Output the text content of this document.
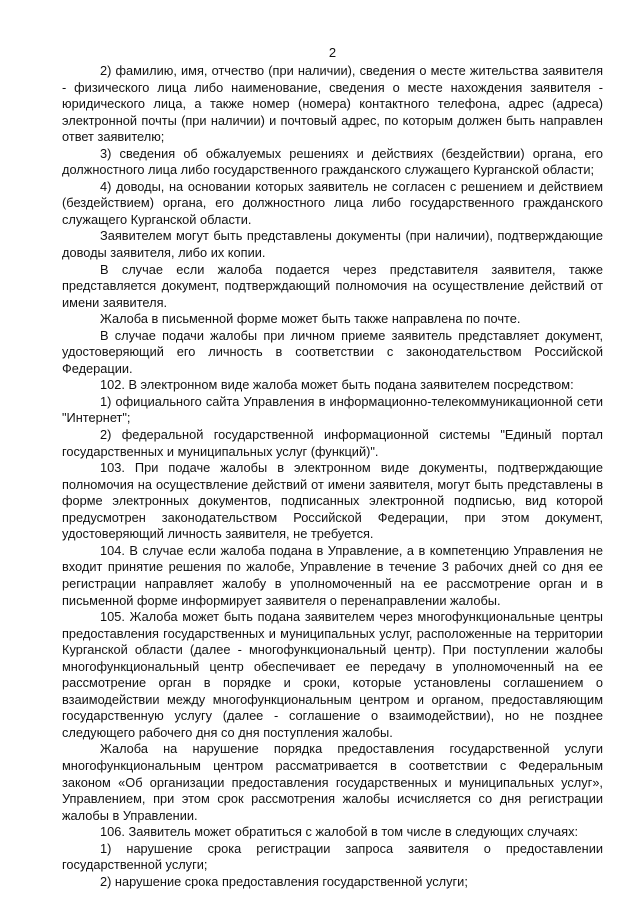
2

2) фамилию, имя, отчество (при наличии), сведения о месте жительства заявителя - физического лица либо наименование, сведения о месте нахождения заявителя - юридического лица, а также номер (номера) контактного телефона, адрес (адреса) электронной почты (при наличии) и почтовый адрес, по которым должен быть направлен ответ заявителю;

3) сведения об обжалуемых решениях и действиях (бездействии) органа, его должностного лица либо государственного гражданского служащего Курганской области;

4) доводы, на основании которых заявитель не согласен с решением и действием (бездействием) органа, его должностного лица либо государственного гражданского служащего Курганской области.

Заявителем могут быть представлены документы (при наличии), подтверждающие доводы заявителя, либо их копии.

В случае если жалоба подается через представителя заявителя, также представляется документ, подтверждающий полномочия на осуществление действий от имени заявителя.

Жалоба в письменной форме может быть также направлена по почте.

В случае подачи жалобы при личном приеме заявитель представляет документ, удостоверяющий его личность в соответствии с законодательством Российской Федерации.

102. В электронном виде жалоба может быть подана заявителем посредством:

1) официального сайта Управления в информационно-телекоммуникационной сети "Интернет";

2) федеральной государственной информационной системы "Единый портал государственных и муниципальных услуг (функций)".

103. При подаче жалобы в электронном виде документы, подтверждающие полномочия на осуществление действий от имени заявителя, могут быть представлены в форме электронных документов, подписанных электронной подписью, вид которой предусмотрен законодательством Российской Федерации, при этом документ, удостоверяющий личность заявителя, не требуется.

104. В случае если жалоба подана в Управление, а в компетенцию Управления не входит принятие решения по жалобе, Управление в течение 3 рабочих дней со дня ее регистрации направляет жалобу в уполномоченный на ее рассмотрение орган и в письменной форме информирует заявителя о перенаправлении жалобы.

105. Жалоба может быть подана заявителем через многофункциональные центры предоставления государственных и муниципальных услуг, расположенные на территории Курганской области (далее - многофункциональный центр). При поступлении жалобы многофункциональный центр обеспечивает ее передачу в уполномоченный на ее рассмотрение орган в порядке и сроки, которые установлены соглашением о взаимодействии между многофункциональным центром и органом, предоставляющим государственную услугу (далее - соглашение о взаимодействии), но не позднее следующего рабочего дня со дня поступления жалобы.

Жалоба на нарушение порядка предоставления государственной услуги многофункциональным центром рассматривается в соответствии с Федеральным законом «Об организации предоставления государственных и муниципальных услуг», Управлением, при этом срок рассмотрения жалобы исчисляется со дня регистрации жалобы в Управлении.

106. Заявитель может обратиться с жалобой в том числе в следующих случаях:

1) нарушение срока регистрации запроса заявителя о предоставлении государственной услуги;

2) нарушение срока предоставления государственной услуги;
